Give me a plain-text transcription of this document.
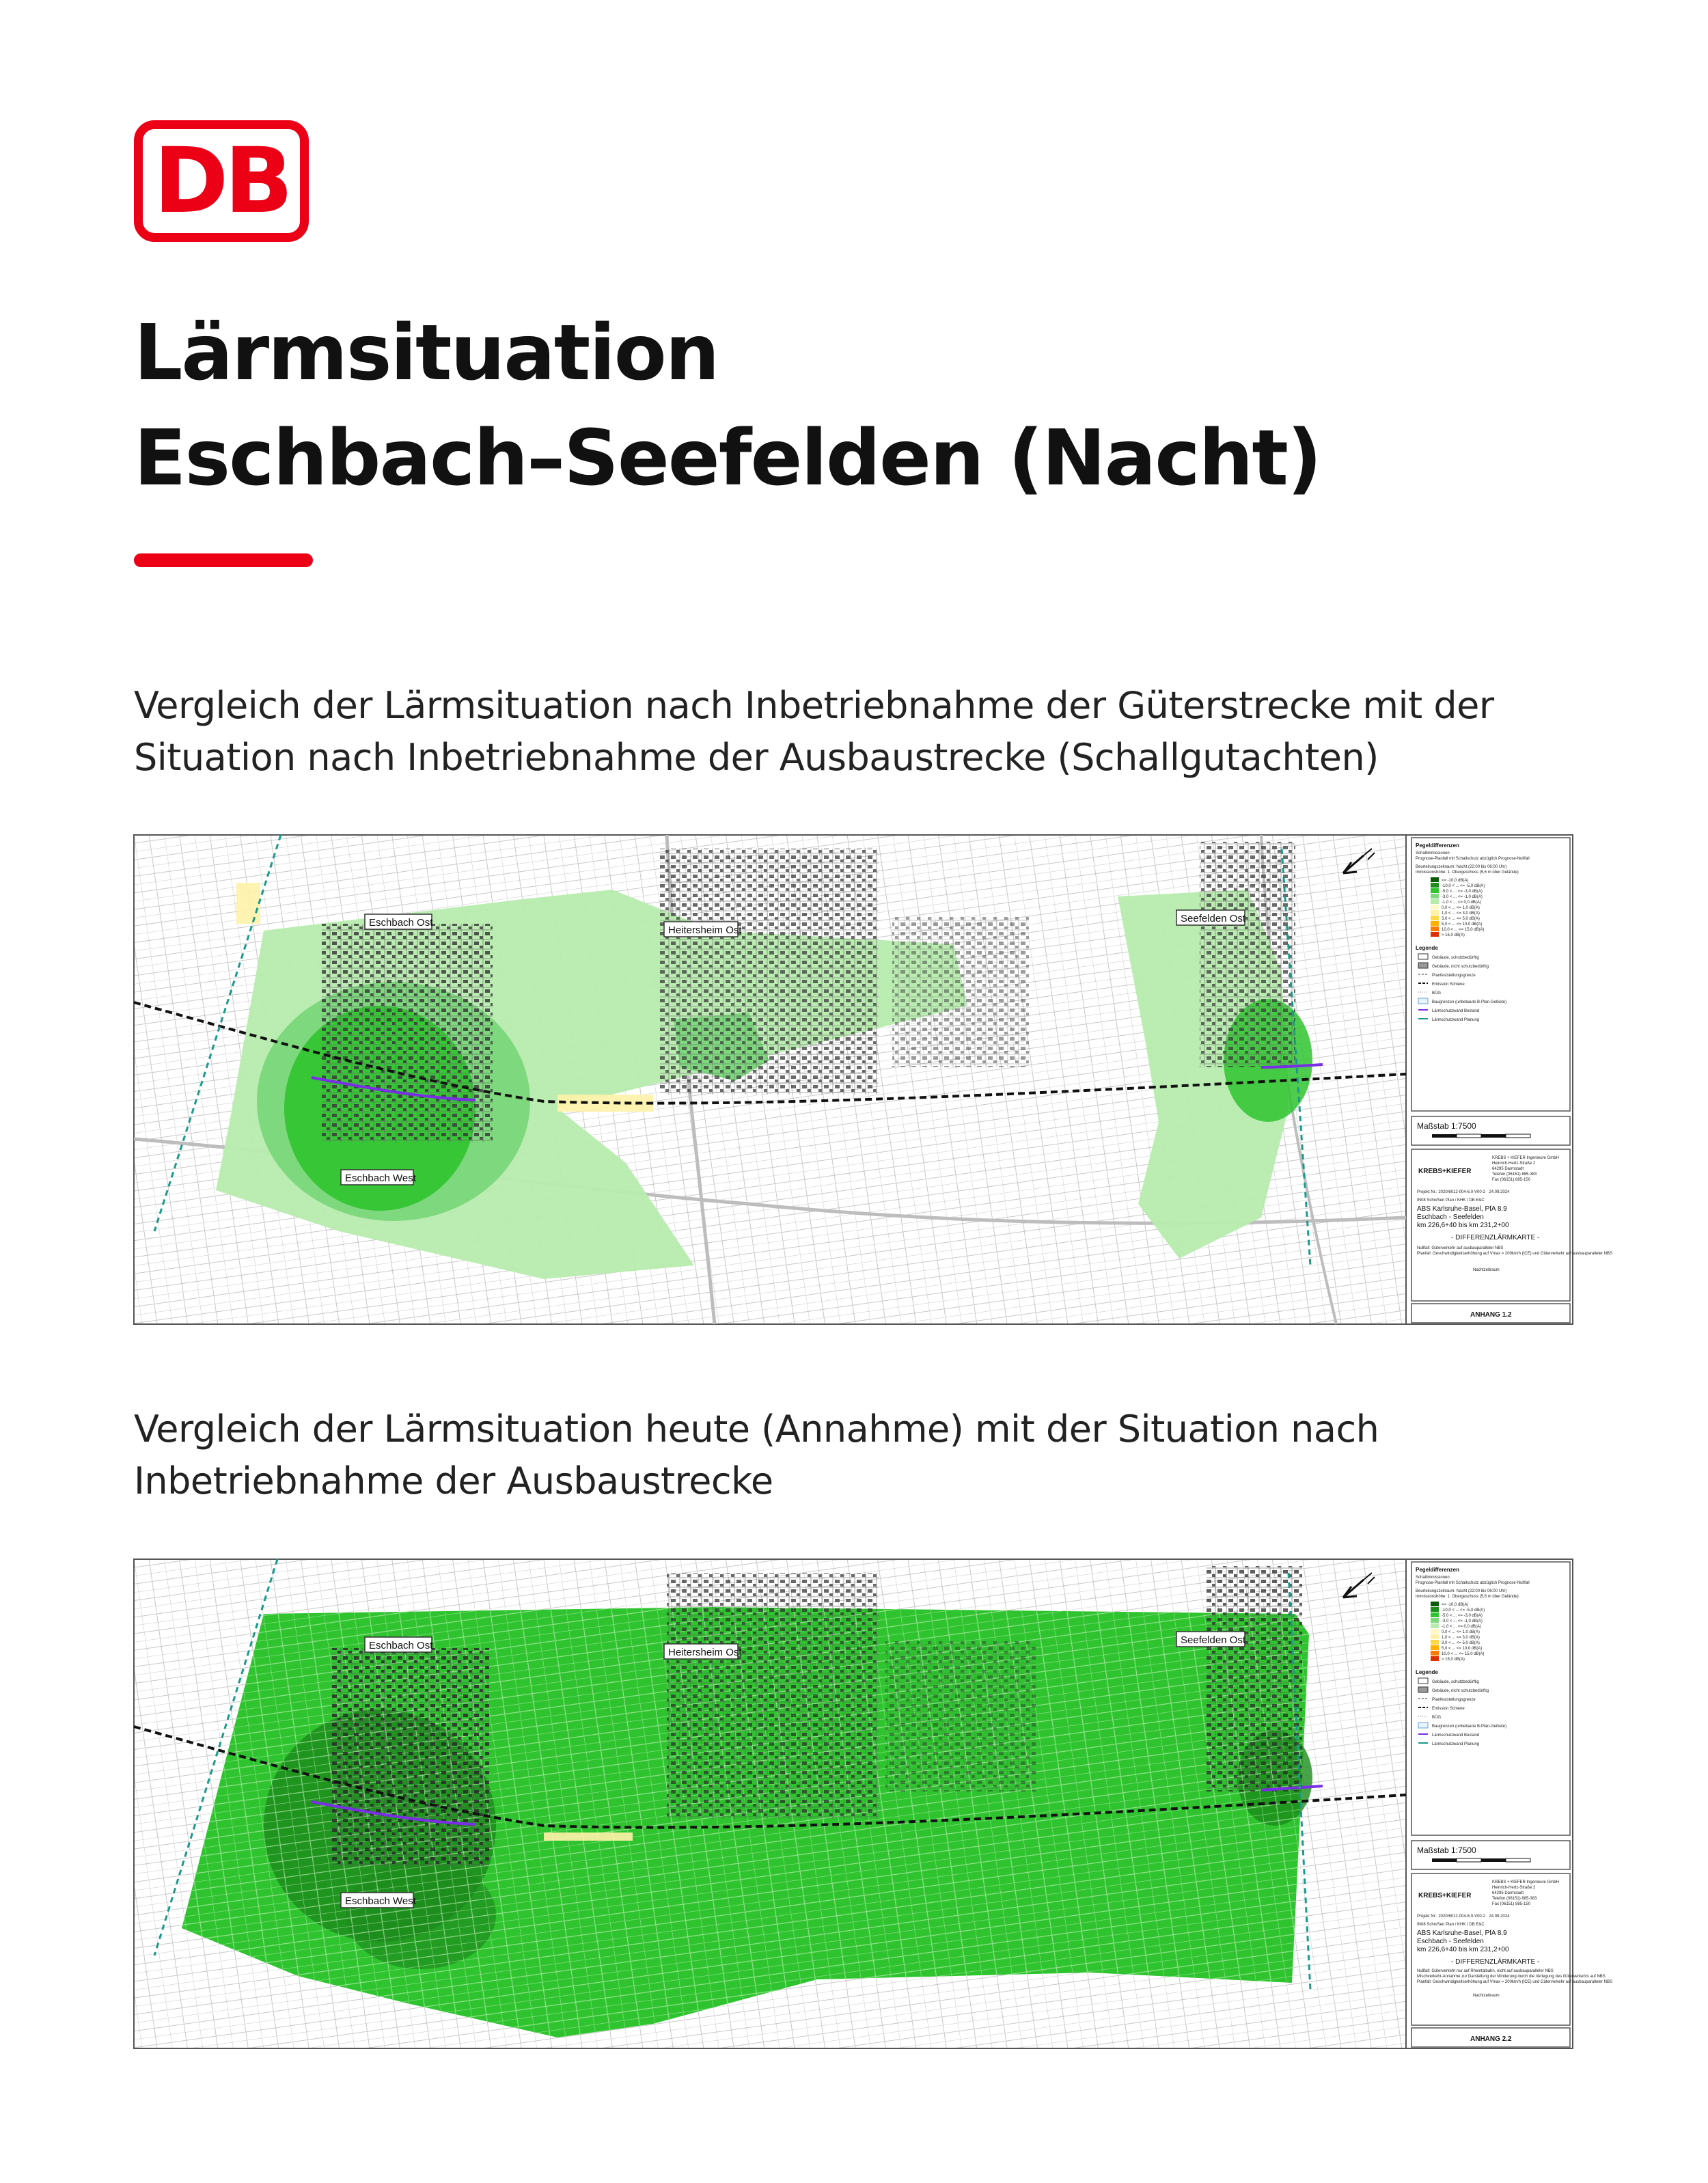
DB
Lärmsituation
Eschbach–Seefelden (Nacht)

Vergleich der Lärmsituation nach Inbetriebnahme der Güterstrecke mit der
Situation nach Inbetriebnahme der Ausbaustrecke (Schallgutachten)

Eschbach Ost
Heitersheim Ost
Seefelden Ost
Eschbach West
Pegeldifferenzen
Schallimmissionen
Prognose-Planfall mit Schallschutz abzüglich Prognose-Nullfall
Beurteilungszeitraum: Nacht (22:00 bis 06:00 Uhr)
Immissionshöhe: 1. Obergeschoss (5,6 m über Gelände)
<= -10,0 dB(A)
-10,0 < ... <= -5,0 dB(A)
-5,0 < ... <= -3,0 dB(A)
-3,0 < ... <= -1,0 dB(A)
-1,0 < ... <= 0,0 dB(A)
0,0 < ... <= 1,0 dB(A)
1,0 < ... <= 3,0 dB(A)
3,0 < ... <= 5,0 dB(A)
5,0 < ... <= 10,0 dB(A)
10,0 < ... <= 15,0 dB(A)
> 15,0 dB(A)
Legende
Gebäude, schutzbedürftig
Gebäude, nicht schutzbedürftig
Planfeststellungsgrenze
Emission Schiene
BÜG
Baugrenzen (unbebaute B-Plan-Gebiete)
Lärmschutzwand Bestand
Lärmschutzwand Planung
Maßstab 1:7500
KREBS+KIEFER
KREBS + KIEFER Ingenieure GmbH
Heinrich-Hertz-Straße 2
64295 Darmstadt
Telefon (06151) 885-383
Fax (06151) 885-150
Projekt Nr.: 2020/6012-004-6.0-V00-2 · 24.09.2024
IN08 Schn/Sen Plan / KHK / DB E&C
ABS Karlsruhe-Basel, PfA 8.9
Eschbach - Seefelden
km 226,6+40 bis km 231,2+00
- DIFFERENZLÄRMKARTE -
Nullfall: Güterverkehr auf ausbauparalleler NBS
Planfall: Geschwindigkeitserhöhung auf Vmax = 200km/h (ICE) und Güterverkehr auf ausbauparalleler NBS
Nachtzeitraum
ANHANG 1.2

Vergleich der Lärmsituation heute (Annahme) mit der Situation nach
Inbetriebnahme der Ausbaustrecke

Eschbach Ost
Heitersheim Ost
Seefelden Ost
Eschbach West
Pegeldifferenzen
Schallimmissionen
Prognose-Planfall mit Schallschutz abzüglich Prognose-Nullfall
Beurteilungszeitraum: Nacht (22:00 bis 06:00 Uhr)
Immissionshöhe: 1. Obergeschoss (5,6 m über Gelände)
<= -10,0 dB(A)
-10,0 < ... <= -5,0 dB(A)
-5,0 < ... <= -3,0 dB(A)
-3,0 < ... <= -1,0 dB(A)
-1,0 < ... <= 0,0 dB(A)
0,0 < ... <= 1,0 dB(A)
1,0 < ... <= 3,0 dB(A)
3,0 < ... <= 5,0 dB(A)
5,0 < ... <= 10,0 dB(A)
10,0 < ... <= 15,0 dB(A)
> 15,0 dB(A)
Legende
Gebäude, schutzbedürftig
Gebäude, nicht schutzbedürftig
Planfeststellungsgrenze
Emission Schiene
BÜG
Baugrenzen (unbebaute B-Plan-Gebiete)
Lärmschutzwand Bestand
Lärmschutzwand Planung
Maßstab 1:7500
KREBS+KIEFER
KREBS + KIEFER Ingenieure GmbH
Heinrich-Hertz-Straße 2
64295 Darmstadt
Telefon (06151) 885-383
Fax (06151) 885-150
Projekt Nr.: 2020/6012-004-6.0-V00-2 · 24.09.2024
IN08 Schn/Sen Plan / KHK / DB E&C
ABS Karlsruhe-Basel, PfA 8.9
Eschbach - Seefelden
km 226,6+40 bis km 231,2+00
- DIFFERENZLÄRMKARTE -
Nullfall: Güterverkehr nur auf Rheintalbahn, nicht auf ausbauparalleler NBS
Mischverkehr-Annahme zur Darstellung der Minderung durch die Verlegung des Güterverkehrs auf NBS
Planfall: Geschwindigkeitserhöhung auf Vmax = 200km/h (ICE) und Güterverkehr auf ausbauparalleler NBS
Nachtzeitraum
ANHANG 2.2
